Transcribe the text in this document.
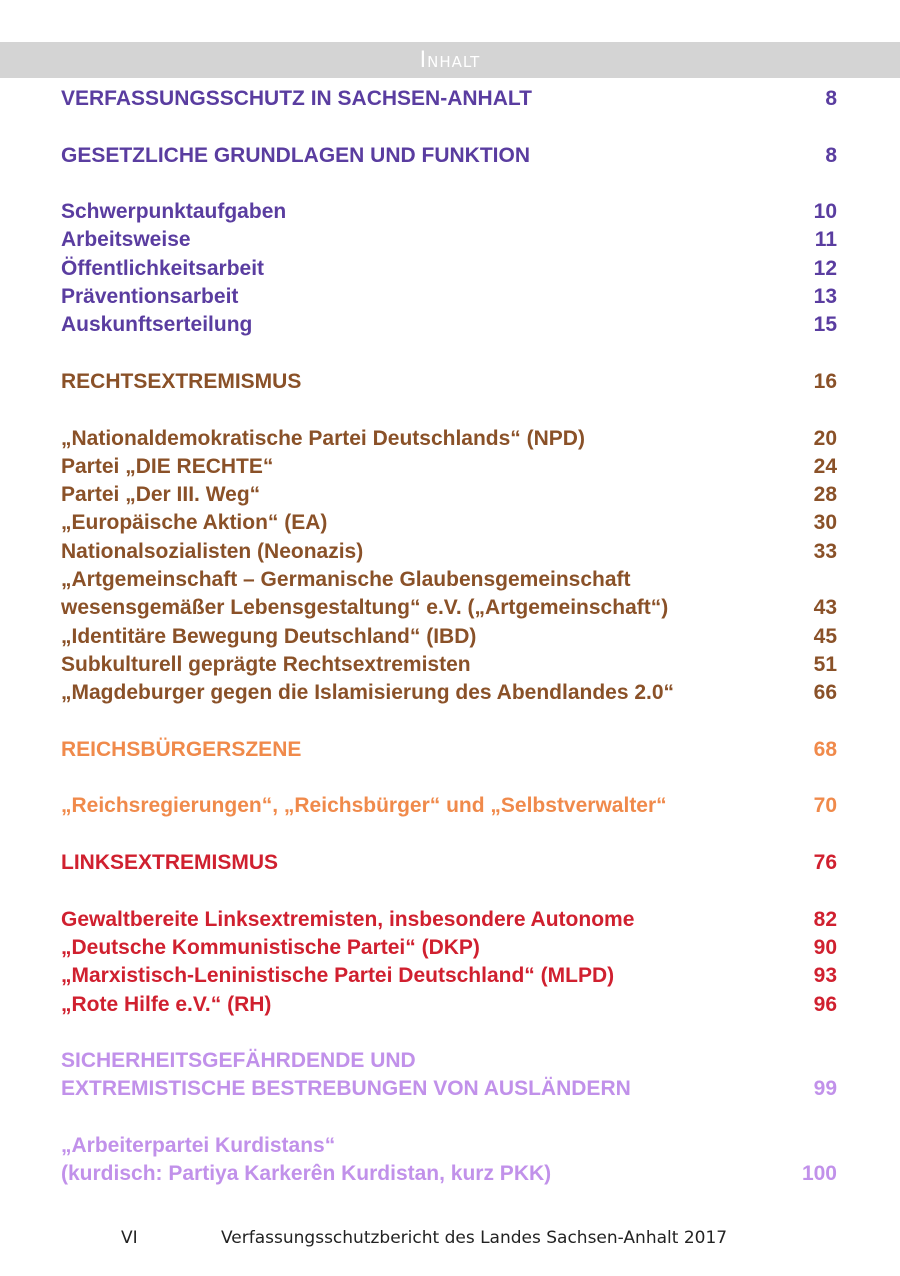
Inhalt
VERFASSUNGSSCHUTZ IN SACHSEN-ANHALT	8
GESETZLICHE GRUNDLAGEN UND FUNKTION	8
Schwerpunktaufgaben	10
Arbeitsweise	11
Öffentlichkeitsarbeit	12
Präventionsarbeit	13
Auskunftserteilung	15
RECHTSEXTREMISMUS	16
„Nationaldemokratische Partei Deutschlands“ (NPD)	20
Partei „DIE RECHTE“	24
Partei „Der III. Weg“	28
„Europäische Aktion“ (EA)	30
Nationalsozialisten (Neonazis)	33
„Artgemeinschaft – Germanische Glaubensgemeinschaft
wesensgemäßer Lebensgestaltung“ e.V. („Artgemeinschaft“)	43
„Identitäre Bewegung Deutschland“ (IBD)	45
Subkulturell geprägte Rechtsextremisten	51
„Magdeburger gegen die Islamisierung des Abendlandes 2.0“	66
REICHSBÜRGERSZENE	68
„Reichsregierungen“, „Reichsbürger“ und „Selbstverwalter“	70
LINKSEXTREMISMUS	76
Gewaltbereite Linksextremisten, insbesondere Autonome	82
„Deutsche Kommunistische Partei“ (DKP)	90
„Marxistisch-Leninistische Partei Deutschland“ (MLPD)	93
„Rote Hilfe e.V.“ (RH)	96
SICHERHEITSGEFÄHRDENDE UND
EXTREMISTISCHE BESTREBUNGEN VON AUSLÄNDERN	99
„Arbeiterpartei Kurdistans“
(kurdisch: Partiya Karkerên Kurdistan, kurz PKK)	100
VI	Verfassungsschutzbericht des Landes Sachsen-Anhalt 2017
